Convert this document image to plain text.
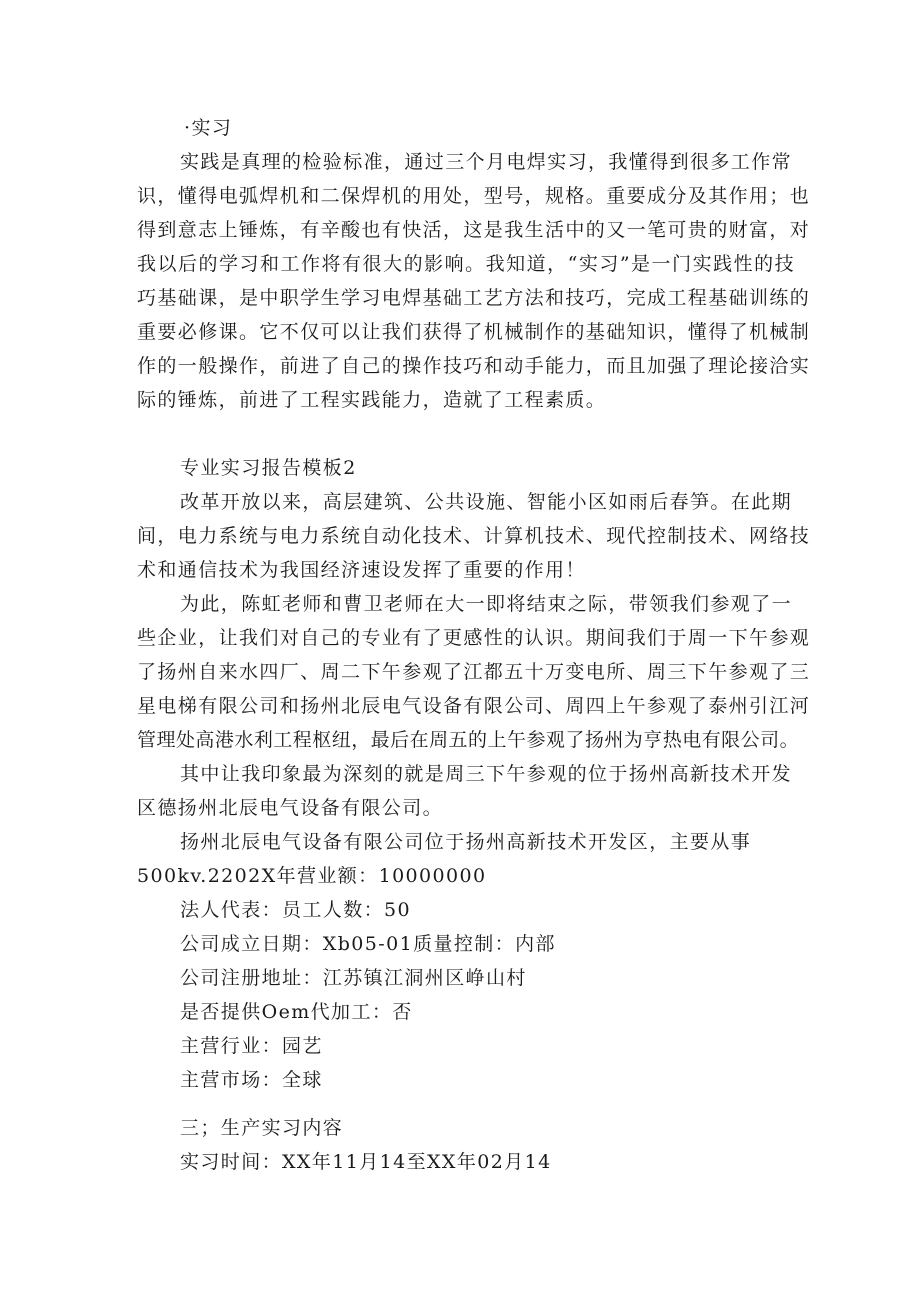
·实习
实践是真理的检验标准，通过三个月电焊实习，我懂得到很多工作常
识，懂得电弧焊机和二保焊机的用处，型号，规格。重要成分及其作用；也
得到意志上锤炼，有辛酸也有快活，这是我生活中的又一笔可贵的财富，对
我以后的学习和工作将有很大的影响。我知道，“实习”是一门实践性的技
巧基础课，是中职学生学习电焊基础工艺方法和技巧，完成工程基础训练的
重要必修课。它不仅可以让我们获得了机械制作的基础知识，懂得了机械制
作的一般操作，前进了自己的操作技巧和动手能力，而且加强了理论接洽实
际的锤炼，前进了工程实践能力，造就了工程素质。
专业实习报告模板2
改革开放以来，高层建筑、公共设施、智能小区如雨后春笋。在此期
间，电力系统与电力系统自动化技术、计算机技术、现代控制技术、网络技
术和通信技术为我国经济速设发挥了重要的作用！
为此，陈虹老师和曹卫老师在大一即将结束之际，带领我们参观了一
些企业，让我们对自己的专业有了更感性的认识。期间我们于周一下午参观
了扬州自来水四厂、周二下午参观了江都五十万变电所、周三下午参观了三
星电梯有限公司和扬州北辰电气设备有限公司、周四上午参观了泰州引江河
管理处高港水利工程枢纽，最后在周五的上午参观了扬州为亨热电有限公司。
其中让我印象最为深刻的就是周三下午参观的位于扬州高新技术开发
区德扬州北辰电气设备有限公司。
扬州北辰电气设备有限公司位于扬州高新技术开发区，主要从事
500kv.2202X年营业额：10000000
法人代表：员工人数：50
公司成立日期：Xb05-01质量控制：内部
公司注册地址：江苏镇江洞州区峥山村
是否提供Oem代加工：否
主营行业：园艺
主营市场：全球
三；生产实习内容
实习时间：XX年11月14至XX年02月14
